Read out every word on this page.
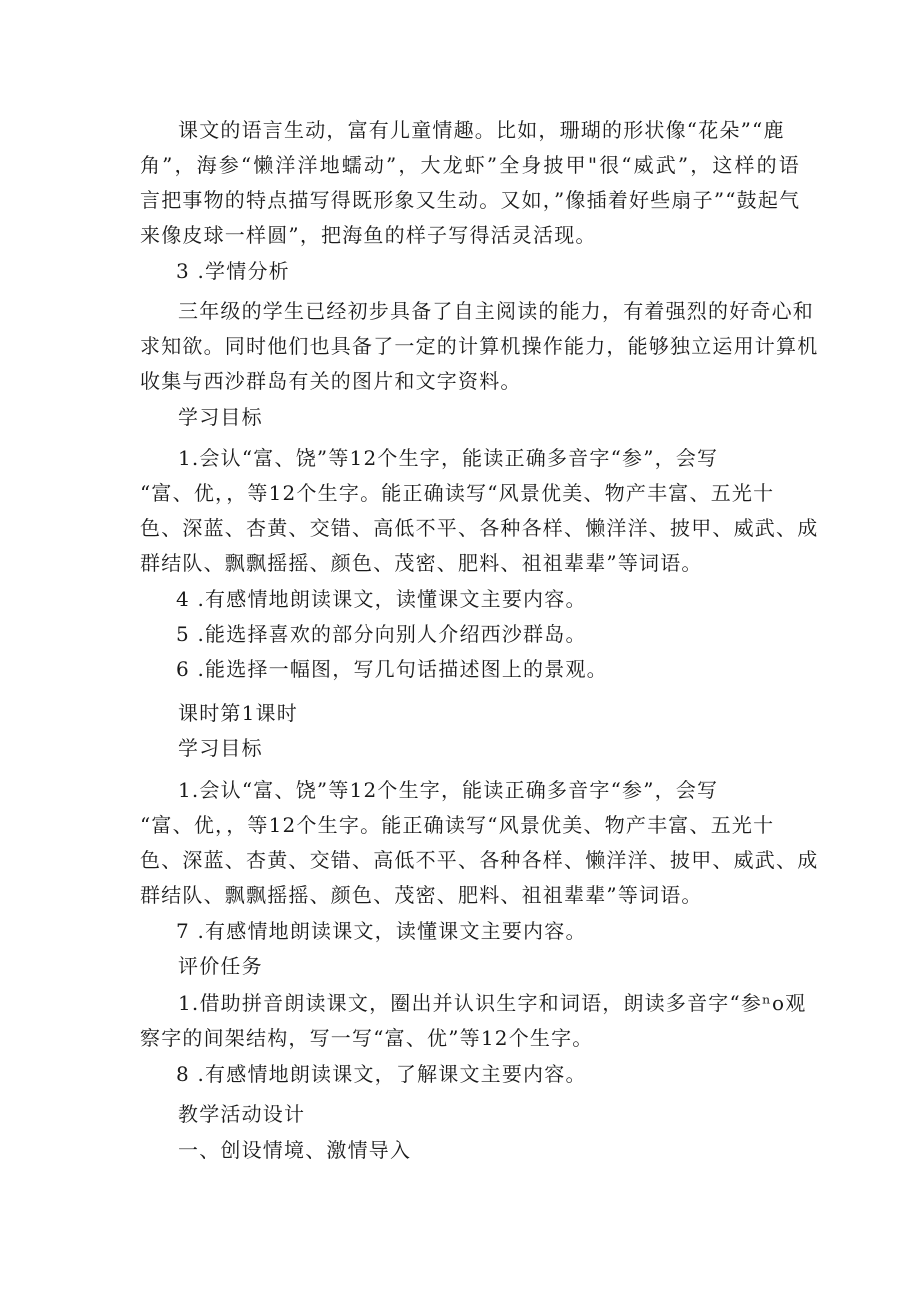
课文的语言生动，富有儿童情趣。比如，珊瑚的形状像“花朵”“鹿
角”，海参“懒洋洋地蠕动”，大龙虾”全身披甲"很“威武”，这样的语
言把事物的特点描写得既形象又生动。又如，”像插着好些扇子”“鼓起气
来像皮球一样圆”，把海鱼的样子写得活灵活现。
3 .学情分析
三年级的学生已经初步具备了自主阅读的能力，有着强烈的好奇心和
求知欲。同时他们也具备了一定的计算机操作能力，能够独立运用计算机
收集与西沙群岛有关的图片和文字资料。
学习目标
1.会认“富、饶”等12个生字，能读正确多音字“参”，会写
“富、优，，等12个生字。能正确读写“风景优美、物产丰富、五光十
色、深蓝、杏黄、交错、高低不平、各种各样、懒洋洋、披甲、威武、成
群结队、飘飘摇摇、颜色、茂密、肥料、祖祖辈辈”等词语。
4 .有感情地朗读课文，读懂课文主要内容。
5 .能选择喜欢的部分向别人介绍西沙群岛。
6 .能选择一幅图，写几句话描述图上的景观。
课时第1课时
学习目标
1.会认“富、饶”等12个生字，能读正确多音字“参”，会写
“富、优，，等12个生字。能正确读写“风景优美、物产丰富、五光十
色、深蓝、杏黄、交错、高低不平、各种各样、懒洋洋、披甲、威武、成
群结队、飘飘摇摇、颜色、茂密、肥料、祖祖辈辈”等词语。
7 .有感情地朗读课文，读懂课文主要内容。
评价任务
1.借助拼音朗读课文，圈出并认识生字和词语，朗读多音字“参ⁿo观
察字的间架结构，写一写“富、优”等12个生字。
8 .有感情地朗读课文，了解课文主要内容。
教学活动设计
一、创设情境、激情导入
